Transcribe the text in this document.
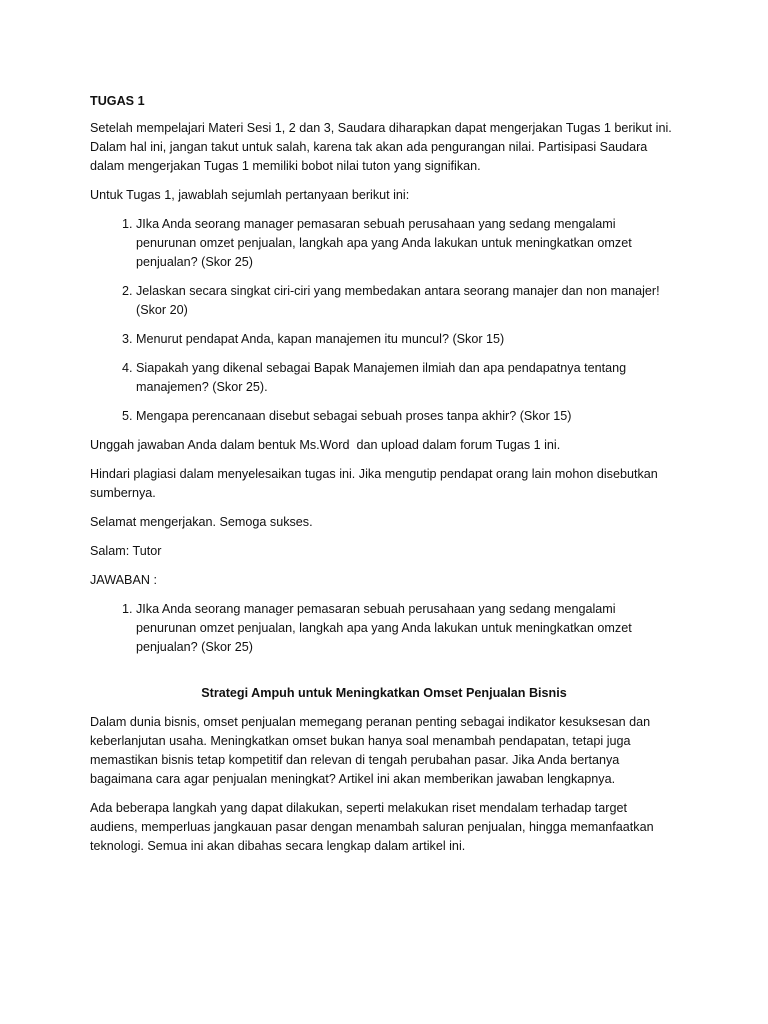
TUGAS 1

Setelah mempelajari Materi Sesi 1, 2 dan 3, Saudara diharapkan dapat mengerjakan Tugas 1 berikut ini. Dalam hal ini, jangan takut untuk salah, karena tak akan ada pengurangan nilai. Partisipasi Saudara dalam mengerjakan Tugas 1 memiliki bobot nilai tuton yang signifikan.

Untuk Tugas 1, jawablah sejumlah pertanyaan berikut ini:

1. JIka Anda seorang manager pemasaran sebuah perusahaan yang sedang mengalami penurunan omzet penjualan, langkah apa yang Anda lakukan untuk meningkatkan omzet penjualan? (Skor 25)
2. Jelaskan secara singkat ciri-ciri yang membedakan antara seorang manajer dan non manajer! (Skor 20)
3. Menurut pendapat Anda, kapan manajemen itu muncul? (Skor 15)
4. Siapakah yang dikenal sebagai Bapak Manajemen ilmiah dan apa pendapatnya tentang manajemen? (Skor 25).
5. Mengapa perencanaan disebut sebagai sebuah proses tanpa akhir? (Skor 15)

Unggah jawaban Anda dalam bentuk Ms.Word  dan upload dalam forum Tugas 1 ini.

Hindari plagiasi dalam menyelesaikan tugas ini. Jika mengutip pendapat orang lain mohon disebutkan sumbernya.

Selamat mengerjakan. Semoga sukses.

Salam: Tutor

JAWABAN :

1. JIka Anda seorang manager pemasaran sebuah perusahaan yang sedang mengalami penurunan omzet penjualan, langkah apa yang Anda lakukan untuk meningkatkan omzet penjualan? (Skor 25)

Strategi Ampuh untuk Meningkatkan Omset Penjualan Bisnis

Dalam dunia bisnis, omset penjualan memegang peranan penting sebagai indikator kesuksesan dan keberlanjutan usaha. Meningkatkan omset bukan hanya soal menambah pendapatan, tetapi juga memastikan bisnis tetap kompetitif dan relevan di tengah perubahan pasar. Jika Anda bertanya bagaimana cara agar penjualan meningkat? Artikel ini akan memberikan jawaban lengkapnya.

Ada beberapa langkah yang dapat dilakukan, seperti melakukan riset mendalam terhadap target audiens, memperluas jangkauan pasar dengan menambah saluran penjualan, hingga memanfaatkan teknologi. Semua ini akan dibahas secara lengkap dalam artikel ini.
